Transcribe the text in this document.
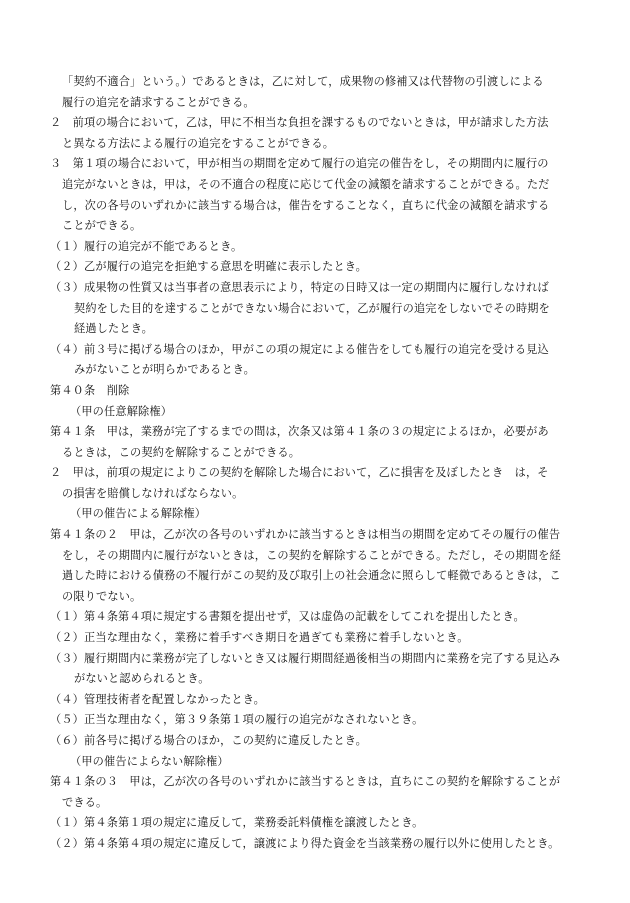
「契約不適合」という。）であるときは，乙に対して，成果物の修補又は代替物の引渡しによる
履行の追完を請求することができる。
２　前項の場合において，乙は，甲に不相当な負担を課するものでないときは，甲が請求した方法
と異なる方法による履行の追完をすることができる。
３　第１項の場合において，甲が相当の期間を定めて履行の追完の催告をし，その期間内に履行の
追完がないときは，甲は，その不適合の程度に応じて代金の減額を請求することができる。ただ
し，次の各号のいずれかに該当する場合は，催告をすることなく，直ちに代金の減額を請求する
ことができる。
（１）履行の追完が不能であるとき。
（２）乙が履行の追完を拒絶する意思を明確に表示したとき。
（３）成果物の性質又は当事者の意思表示により，特定の日時又は一定の期間内に履行しなければ
契約をした目的を達することができない場合において，乙が履行の追完をしないでその時期を
経過したとき。
（４）前３号に掲げる場合のほか，甲がこの項の規定による催告をしても履行の追完を受ける見込
みがないことが明らかであるとき。
第４０条　削除
（甲の任意解除権）
第４１条　甲は，業務が完了するまでの間は，次条又は第４１条の３の規定によるほか，必要があ
るときは，この契約を解除することができる。
２　甲は，前項の規定によりこの契約を解除した場合において，乙に損害を及ぼしたとき　は，そ
の損害を賠償しなければならない。
（甲の催告による解除権）
第４１条の２　甲は，乙が次の各号のいずれかに該当するときは相当の期間を定めてその履行の催告
をし，その期間内に履行がないときは，この契約を解除することができる。ただし，その期間を経
過した時における債務の不履行がこの契約及び取引上の社会通念に照らして軽微であるときは，こ
の限りでない。
（１）第４条第４項に規定する書類を提出せず，又は虚偽の記載をしてこれを提出したとき。
（２）正当な理由なく，業務に着手すべき期日を過ぎても業務に着手しないとき。
（３）履行期間内に業務が完了しないとき又は履行期間経過後相当の期間内に業務を完了する見込み
がないと認められるとき。
（４）管理技術者を配置しなかったとき。
（５）正当な理由なく，第３９条第１項の履行の追完がなされないとき。
（６）前各号に掲げる場合のほか，この契約に違反したとき。
（甲の催告によらない解除権）
第４１条の３　甲は，乙が次の各号のいずれかに該当するときは，直ちにこの契約を解除することが
できる。
（１）第４条第１項の規定に違反して，業務委託料債権を譲渡したとき。
（２）第４条第４項の規定に違反して，譲渡により得た資金を当該業務の履行以外に使用したとき。
